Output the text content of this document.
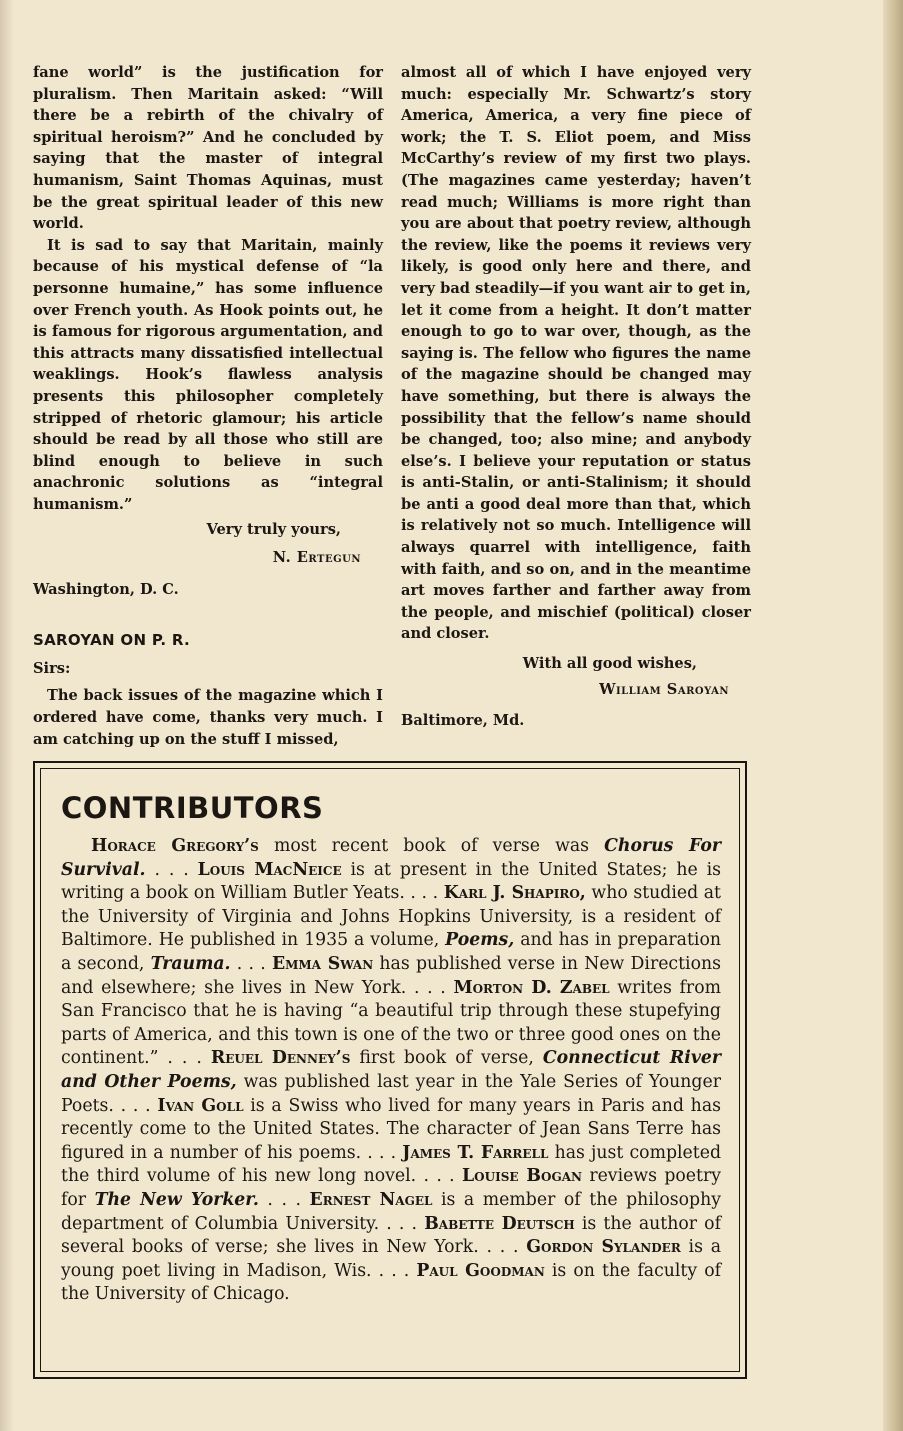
fane world” is the justification for pluralism. Then Maritain asked: “Will there be a rebirth of the chivalry of spiritual heroism?” And he concluded by saying that the master of integral humanism, Saint Thomas Aquinas, must be the great spiritual leader of this new world.

It is sad to say that Maritain, mainly because of his mystical defense of “la personne humaine,” has some influence over French youth. As Hook points out, he is famous for rigorous argumentation, and this attracts many dissatisfied intellectual weaklings. Hook’s flawless analysis presents this philosopher completely stripped of rhetoric glamour; his article should be read by all those who still are blind enough to believe in such anachronic solutions as “integral humanism.”

Very truly yours,

N. Ertegun

Washington, D. C.

SAROYAN ON P. R.

Sirs:

The back issues of the magazine which I ordered have come, thanks very much. I am catching up on the stuff I missed,

almost all of which I have enjoyed very much: especially Mr. Schwartz’s story America, America, a very fine piece of work; the T. S. Eliot poem, and Miss McCarthy’s review of my first two plays. (The magazines came yesterday; haven’t read much; Williams is more right than you are about that poetry review, although the review, like the poems it reviews very likely, is good only here and there, and very bad steadily—if you want air to get in, let it come from a height. It don’t matter enough to go to war over, though, as the saying is. The fellow who figures the name of the magazine should be changed may have something, but there is always the possibility that the fellow’s name should be changed, too; also mine; and anybody else’s. I believe your reputation or status is anti-Stalin, or anti-Stalinism; it should be anti a good deal more than that, which is relatively not so much. Intelligence will always quarrel with intelligence, faith with faith, and so on, and in the meantime art moves farther and farther away from the people, and mischief (political) closer and closer.

With all good wishes,

William Saroyan

Baltimore, Md.

CONTRIBUTORS

Horace Gregory’s most recent book of verse was Chorus For Survival. . . . Louis MacNeice is at present in the United States; he is writing a book on William Butler Yeats. . . . Karl J. Shapiro, who studied at the University of Virginia and Johns Hopkins University, is a resident of Baltimore. He published in 1935 a volume, Poems, and has in preparation a second, Trauma. . . . Emma Swan has published verse in New Directions and elsewhere; she lives in New York. . . . Morton D. Zabel writes from San Francisco that he is having “a beautiful trip through these stupefying parts of America, and this town is one of the two or three good ones on the continent.” . . . Reuel Denney’s first book of verse, Connecticut River and Other Poems, was published last year in the Yale Series of Younger Poets. . . . Ivan Goll is a Swiss who lived for many years in Paris and has recently come to the United States. The character of Jean Sans Terre has figured in a number of his poems. . . . James T. Farrell has just completed the third volume of his new long novel. . . . Louise Bogan reviews poetry for The New Yorker. . . . Ernest Nagel is a member of the philosophy department of Columbia University. . . . Babette Deutsch is the author of several books of verse; she lives in New York. . . . Gordon Sylander is a young poet living in Madison, Wis. . . . Paul Goodman is on the faculty of the University of Chicago.
